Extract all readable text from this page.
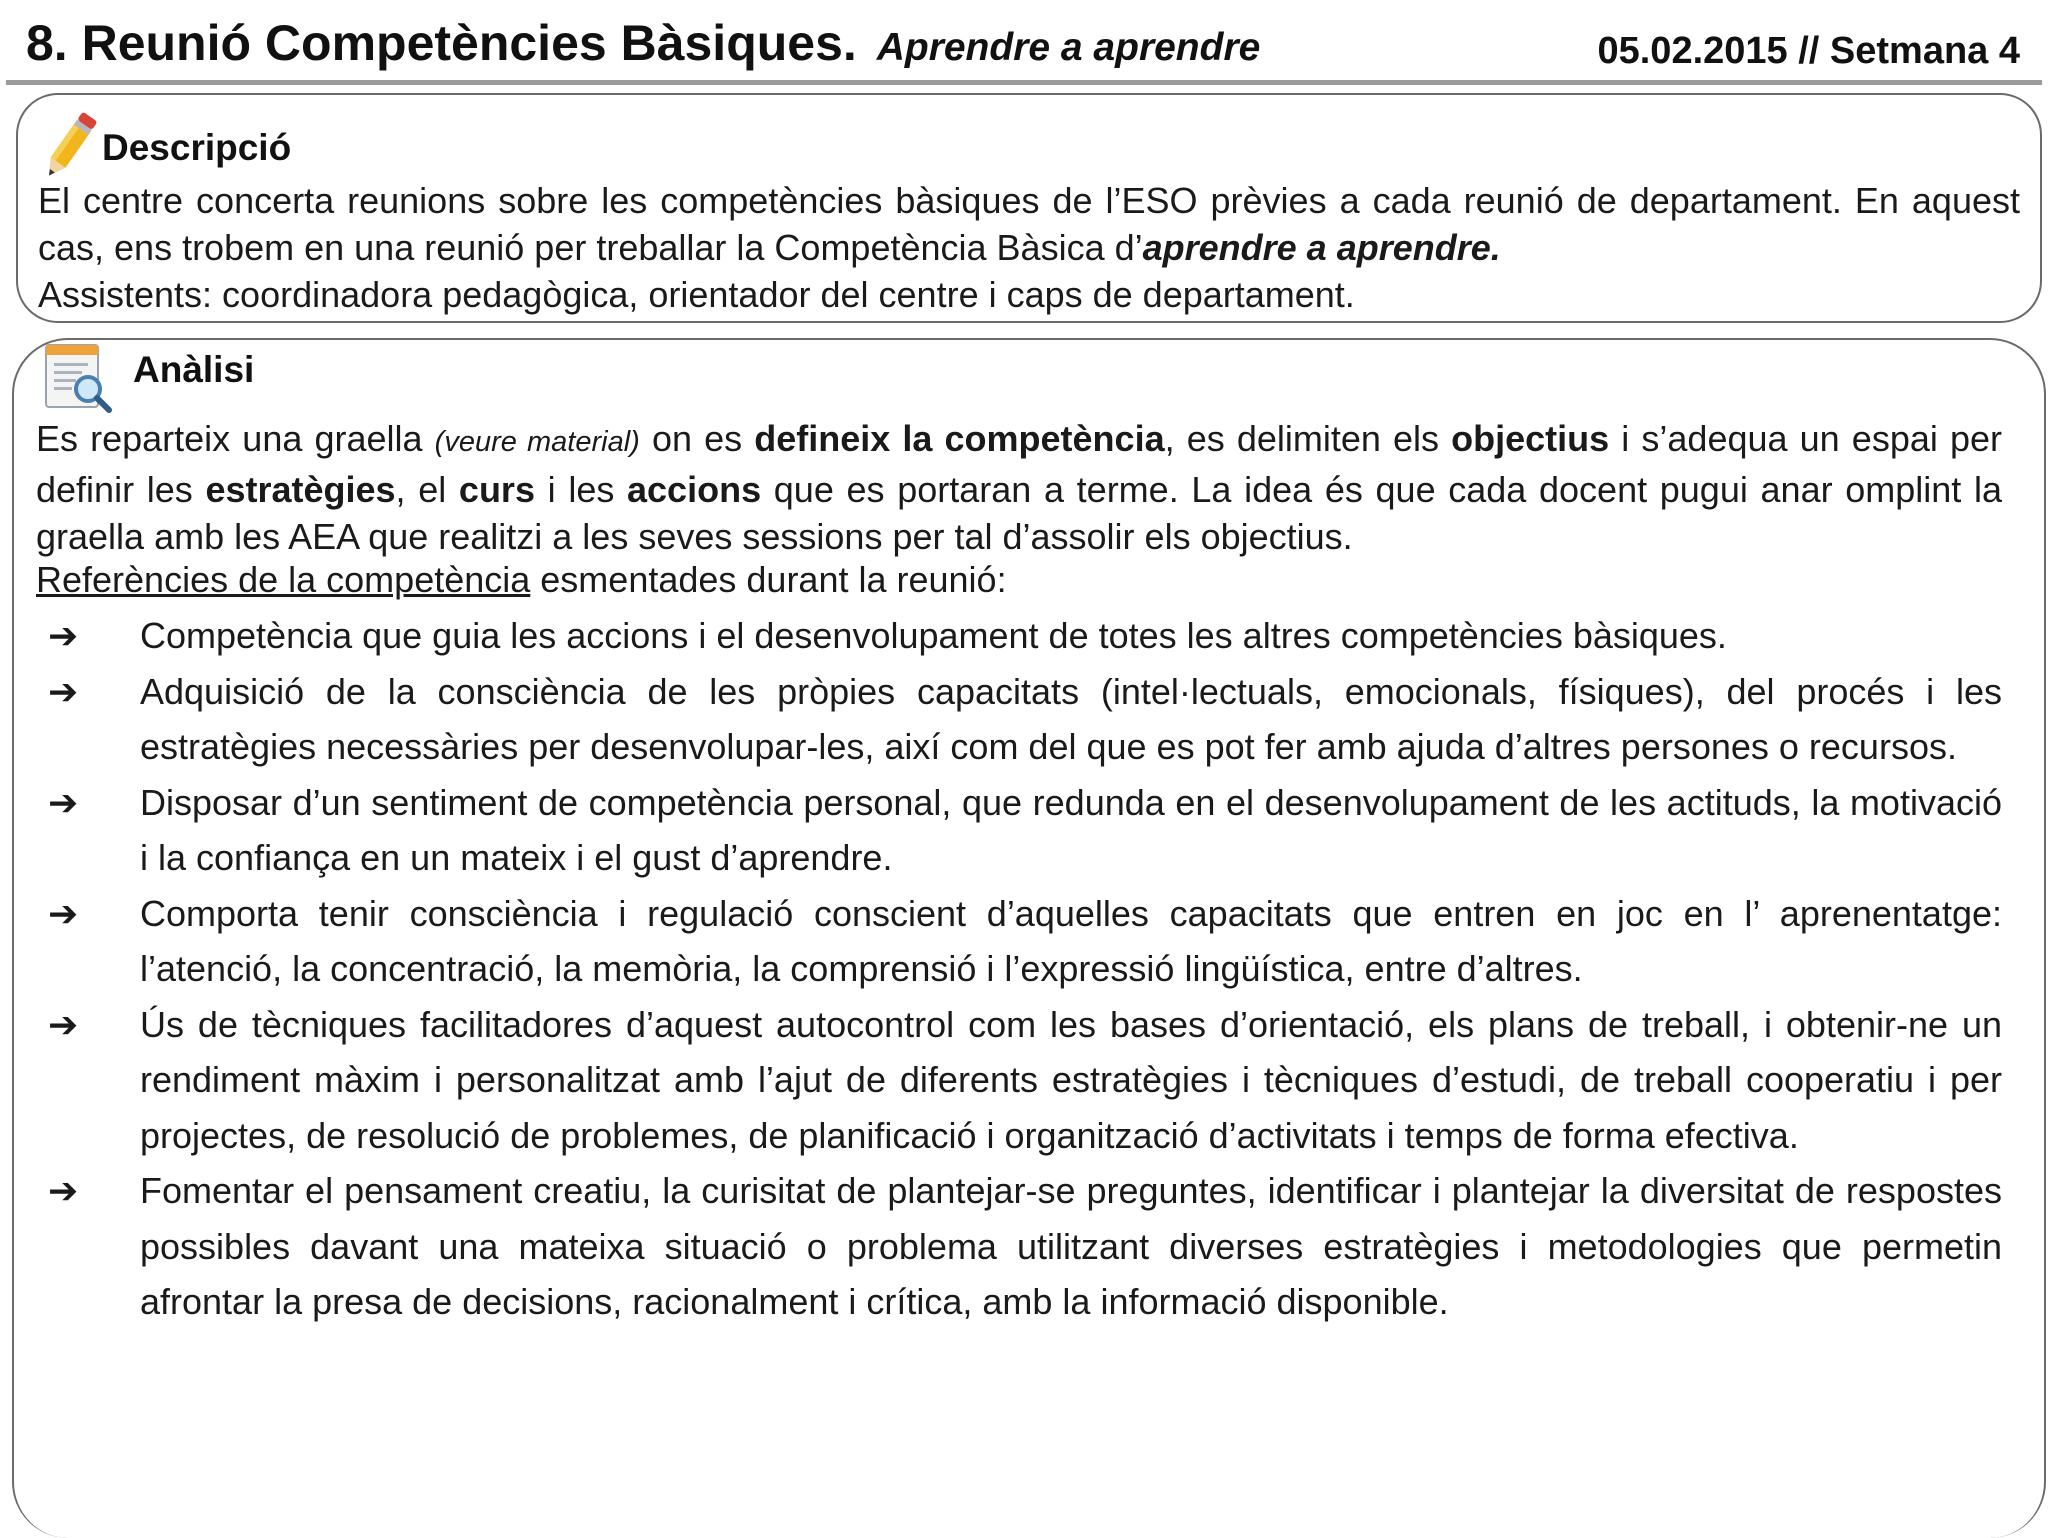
8. Reunió Competències Bàsiques. Aprendre a aprendre	05.02.2015 // Setmana 4
Descripció
El centre concerta reunions sobre les competències bàsiques de l’ESO prèvies a cada reunió de departament. En aquest cas, ens trobem en una reunió per treballar la Competència Bàsica d’aprendre a aprendre.
Assistents: coordinadora pedagògica, orientador del centre i caps de departament.
Anàlisi
Es reparteix una graella (veure material) on es defineix la competència, es delimiten els objectius i s’adequa un espai per definir les estratègies, el curs i les accions que es portaran a terme. La idea és que cada docent pugui anar omplint la graella amb les AEA que realitzi a les seves sessions per tal d’assolir els objectius.
Referències de la competència esmentades durant la reunió:
➔ Competència que guia les accions i el desenvolupament de totes les altres competències bàsiques.
➔ Adquisició de la consciència de les pròpies capacitats (intel·lectuals, emocionals, físiques), del procés i les estratègies necessàries per desenvolupar-les, així com del que es pot fer amb ajuda d’altres persones o recursos.
➔ Disposar d’un sentiment de competència personal, que redunda en el desenvolupament de les actituds, la motivació i la confiança en un mateix i el gust d’aprendre.
➔ Comporta tenir consciència i regulació conscient d’aquelles capacitats que entren en joc en l’ aprenentatge: l’atenció, la concentració, la memòria, la comprensió i l’expressió lingüística, entre d’altres.
➔ Ús de tècniques facilitadores d’aquest autocontrol com les bases d’orientació, els plans de treball, i obtenir-ne un rendiment màxim i personalitzat amb l’ajut de diferents estratègies i tècniques d’estudi, de treball cooperatiu i per projectes, de resolució de problemes, de planificació i organització d’activitats i temps de forma efectiva.
➔ Fomentar el pensament creatiu, la curisitat de plantejar-se preguntes, identificar i plantejar la diversitat de respostes possibles davant una mateixa situació o problema utilitzant diverses estratègies i metodologies que permetin afrontar la presa de decisions, racionalment i crítica, amb la informació disponible.
